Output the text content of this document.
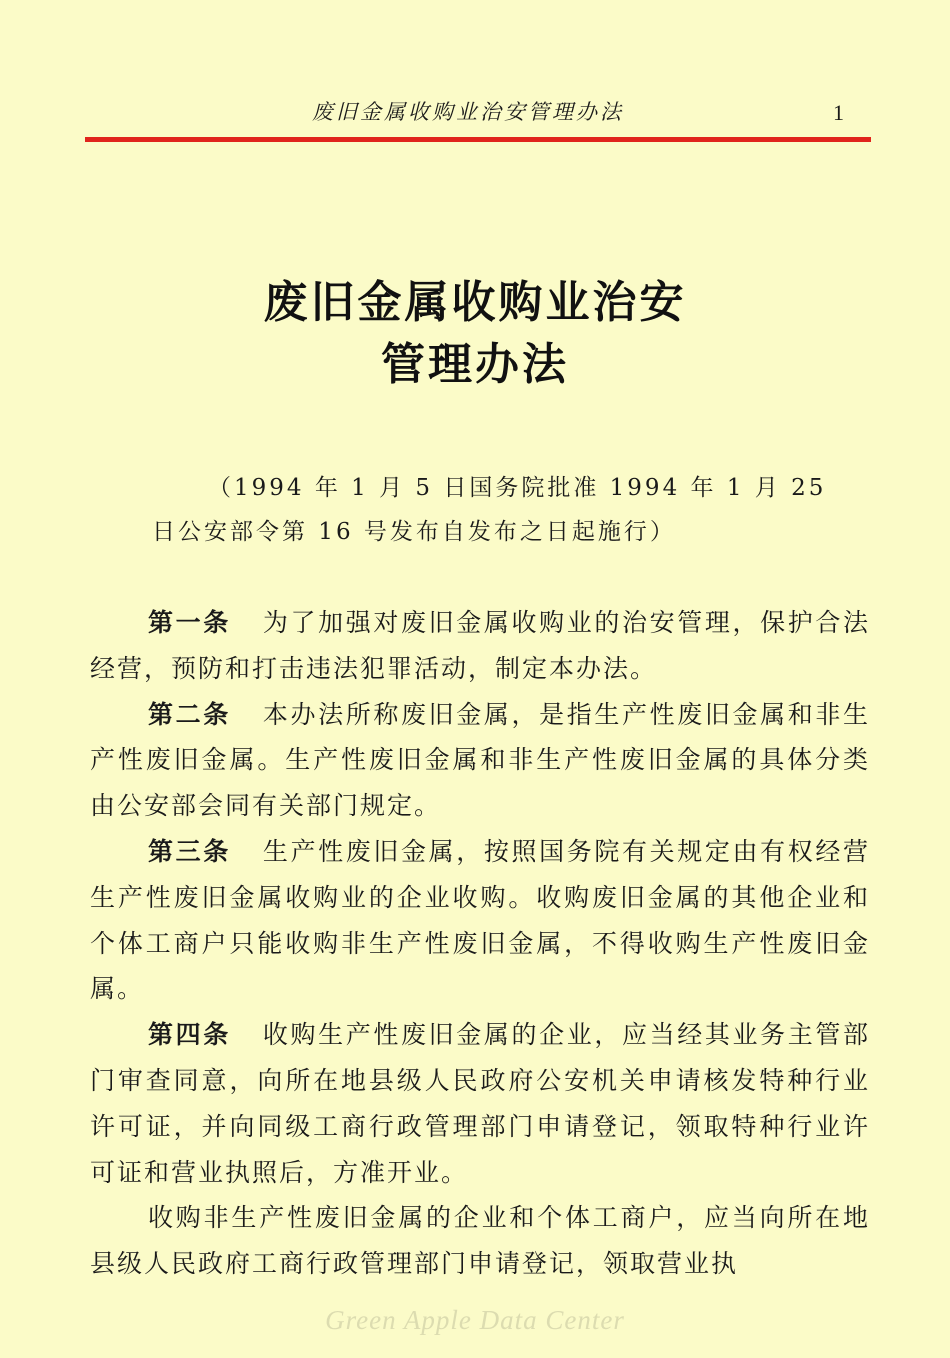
废旧金属收购业治安管理办法	1
废旧金属收购业治安
管理办法
（1994 年 1 月 5 日国务院批准 1994 年 1 月 25
日公安部令第 16 号发布自发布之日起施行）

第一条 为了加强对废旧金属收购业的治安管理，保护合法经营，预防和打击违法犯罪活动，制定本办法。

第二条 本办法所称废旧金属，是指生产性废旧金属和非生产性废旧金属。生产性废旧金属和非生产性废旧金属的具体分类由公安部会同有关部门规定。

第三条 生产性废旧金属，按照国务院有关规定由有权经营生产性废旧金属收购业的企业收购。收购废旧金属的其他企业和个体工商户只能收购非生产性废旧金属，不得收购生产性废旧金属。

第四条 收购生产性废旧金属的企业，应当经其业务主管部门审查同意，向所在地县级人民政府公安机关申请核发特种行业许可证，并向同级工商行政管理部门申请登记，领取特种行业许可证和营业执照后，方准开业。

收购非生产性废旧金属的企业和个体工商户，应当向所在地县级人民政府工商行政管理部门申请登记，领取营业执

Green Apple Data Center
